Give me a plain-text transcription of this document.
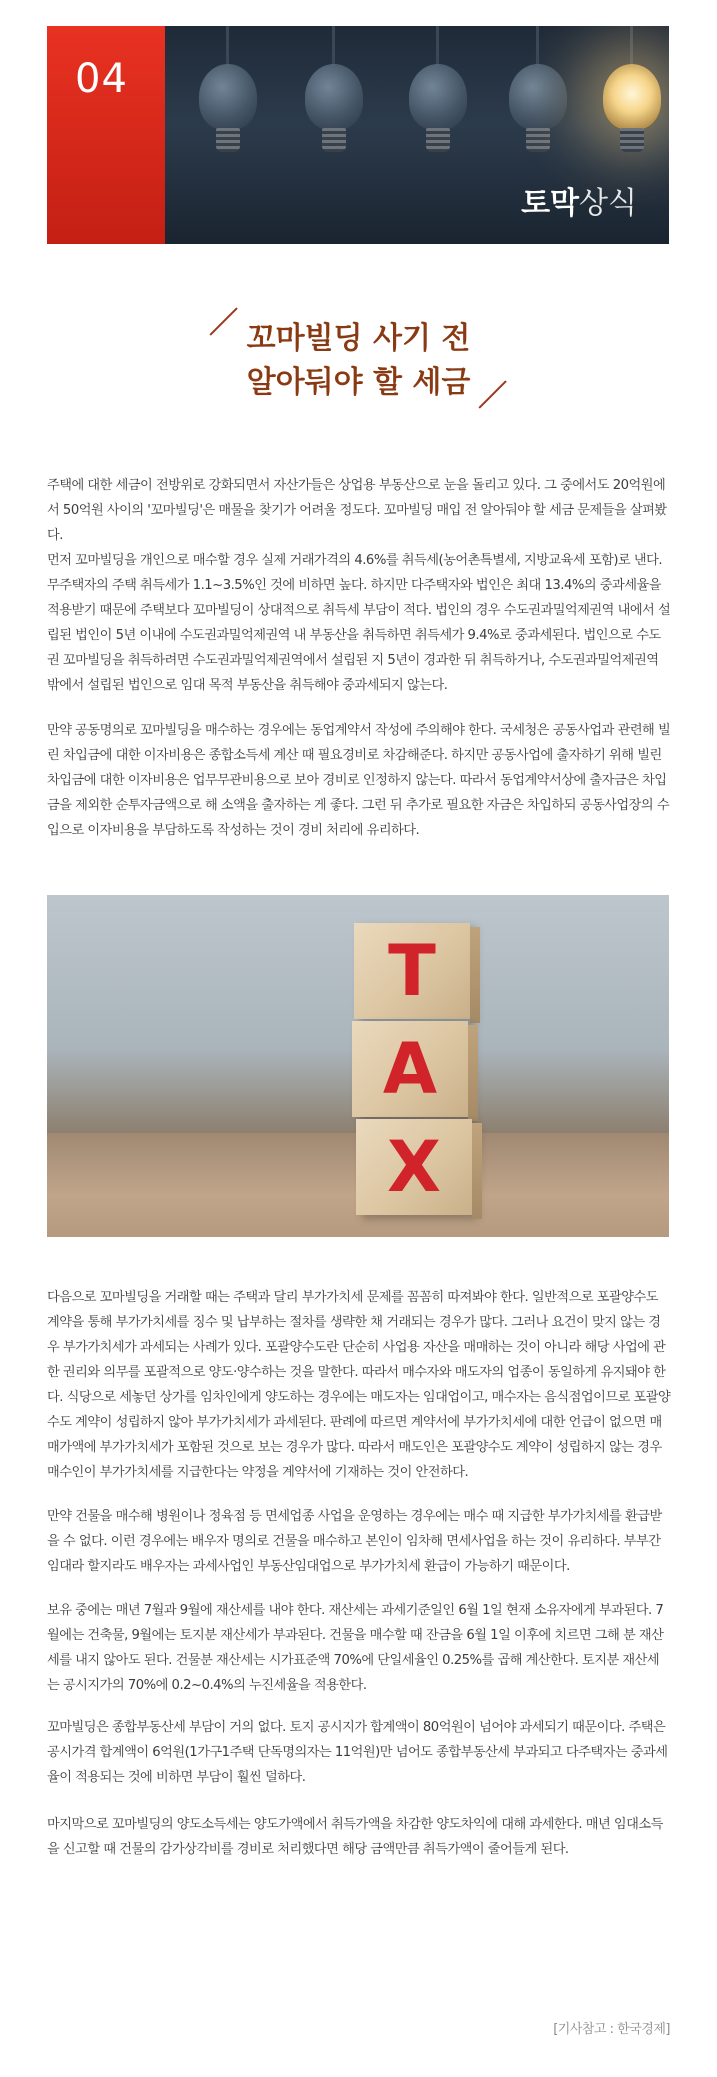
04
토막상식
꼬마빌딩 사기 전
알아둬야 할 세금

주택에 대한 세금이 전방위로 강화되면서 자산가들은 상업용 부동산으로 눈을 돌리고 있다. 그 중에서도 20억원에서 50억원 사이의 '꼬마빌딩'은 매물을 찾기가 어려울 정도다. 꼬마빌딩 매입 전 알아둬야 할 세금 문제들을 살펴봤다.

먼저 꼬마빌딩을 개인으로 매수할 경우 실제 거래가격의 4.6%를 취득세(농어촌특별세, 지방교육세 포함)로 낸다. 무주택자의 주택 취득세가 1.1~3.5%인 것에 비하면 높다. 하지만 다주택자와 법인은 최대 13.4%의 중과세율을 적용받기 때문에 주택보다 꼬마빌딩이 상대적으로 취득세 부담이 적다. 법인의 경우 수도권과밀억제권역 내에서 설립된 법인이 5년 이내에 수도권과밀억제권역 내 부동산을 취득하면 취득세가 9.4%로 중과세된다. 법인으로 수도권 꼬마빌딩을 취득하려면 수도권과밀억제권역에서 설립된 지 5년이 경과한 뒤 취득하거나, 수도권과밀억제권역 밖에서 설립된 법인으로 임대 목적 부동산을 취득해야 중과세되지 않는다.

만약 공동명의로 꼬마빌딩을 매수하는 경우에는 동업계약서 작성에 주의해야 한다. 국세청은 공동사업과 관련해 빌린 차입금에 대한 이자비용은 종합소득세 계산 때 필요경비로 차감해준다. 하지만 공동사업에 출자하기 위해 빌린 차입금에 대한 이자비용은 업무무관비용으로 보아 경비로 인정하지 않는다. 따라서 동업계약서상에 출자금은 차입금을 제외한 순투자금액으로 해 소액을 출자하는 게 좋다. 그런 뒤 추가로 필요한 자금은 차입하되 공동사업장의 수입으로 이자비용을 부담하도록 작성하는 것이 경비 처리에 유리하다.

T
A
X

다음으로 꼬마빌딩을 거래할 때는 주택과 달리 부가가치세 문제를 꼼꼼히 따져봐야 한다. 일반적으로 포괄양수도 계약을 통해 부가가치세를 징수 및 납부하는 절차를 생략한 채 거래되는 경우가 많다. 그러나 요건이 맞지 않는 경우 부가가치세가 과세되는 사례가 있다. 포괄양수도란 단순히 사업용 자산을 매매하는 것이 아니라 해당 사업에 관한 권리와 의무를 포괄적으로 양도·양수하는 것을 말한다. 따라서 매수자와 매도자의 업종이 동일하게 유지돼야 한다. 식당으로 세놓던 상가를 임차인에게 양도하는 경우에는 매도자는 임대업이고, 매수자는 음식점업이므로 포괄양수도 계약이 성립하지 않아 부가가치세가 과세된다. 판례에 따르면 계약서에 부가가치세에 대한 언급이 없으면 매매가액에 부가가치세가 포함된 것으로 보는 경우가 많다. 따라서 매도인은 포괄양수도 계약이 성립하지 않는 경우 매수인이 부가가치세를 지급한다는 약정을 계약서에 기재하는 것이 안전하다.

만약 건물을 매수해 병원이나 정육점 등 면세업종 사업을 운영하는 경우에는 매수 때 지급한 부가가치세를 환급받을 수 없다. 이런 경우에는 배우자 명의로 건물을 매수하고 본인이 임차해 면세사업을 하는 것이 유리하다. 부부간 임대라 할지라도 배우자는 과세사업인 부동산임대업으로 부가가치세 환급이 가능하기 때문이다.

보유 중에는 매년 7월과 9월에 재산세를 내야 한다. 재산세는 과세기준일인 6월 1일 현재 소유자에게 부과된다. 7월에는 건축물, 9월에는 토지분 재산세가 부과된다. 건물을 매수할 때 잔금을 6월 1일 이후에 치르면 그해 분 재산세를 내지 않아도 된다. 건물분 재산세는 시가표준액 70%에 단일세율인 0.25%를 곱해 계산한다. 토지분 재산세는 공시지가의 70%에 0.2~0.4%의 누진세율을 적용한다.

꼬마빌딩은 종합부동산세 부담이 거의 없다. 토지 공시지가 합계액이 80억원이 넘어야 과세되기 때문이다. 주택은 공시가격 합계액이 6억원(1가구1주택 단독명의자는 11억원)만 넘어도 종합부동산세 부과되고 다주택자는 중과세율이 적용되는 것에 비하면 부담이 훨씬 덜하다.

마지막으로 꼬마빌딩의 양도소득세는 양도가액에서 취득가액을 차감한 양도차익에 대해 과세한다. 매년 임대소득을 신고할 때 건물의 감가상각비를 경비로 처리했다면 해당 금액만큼 취득가액이 줄어들게 된다.

[기사참고 : 한국경제]
